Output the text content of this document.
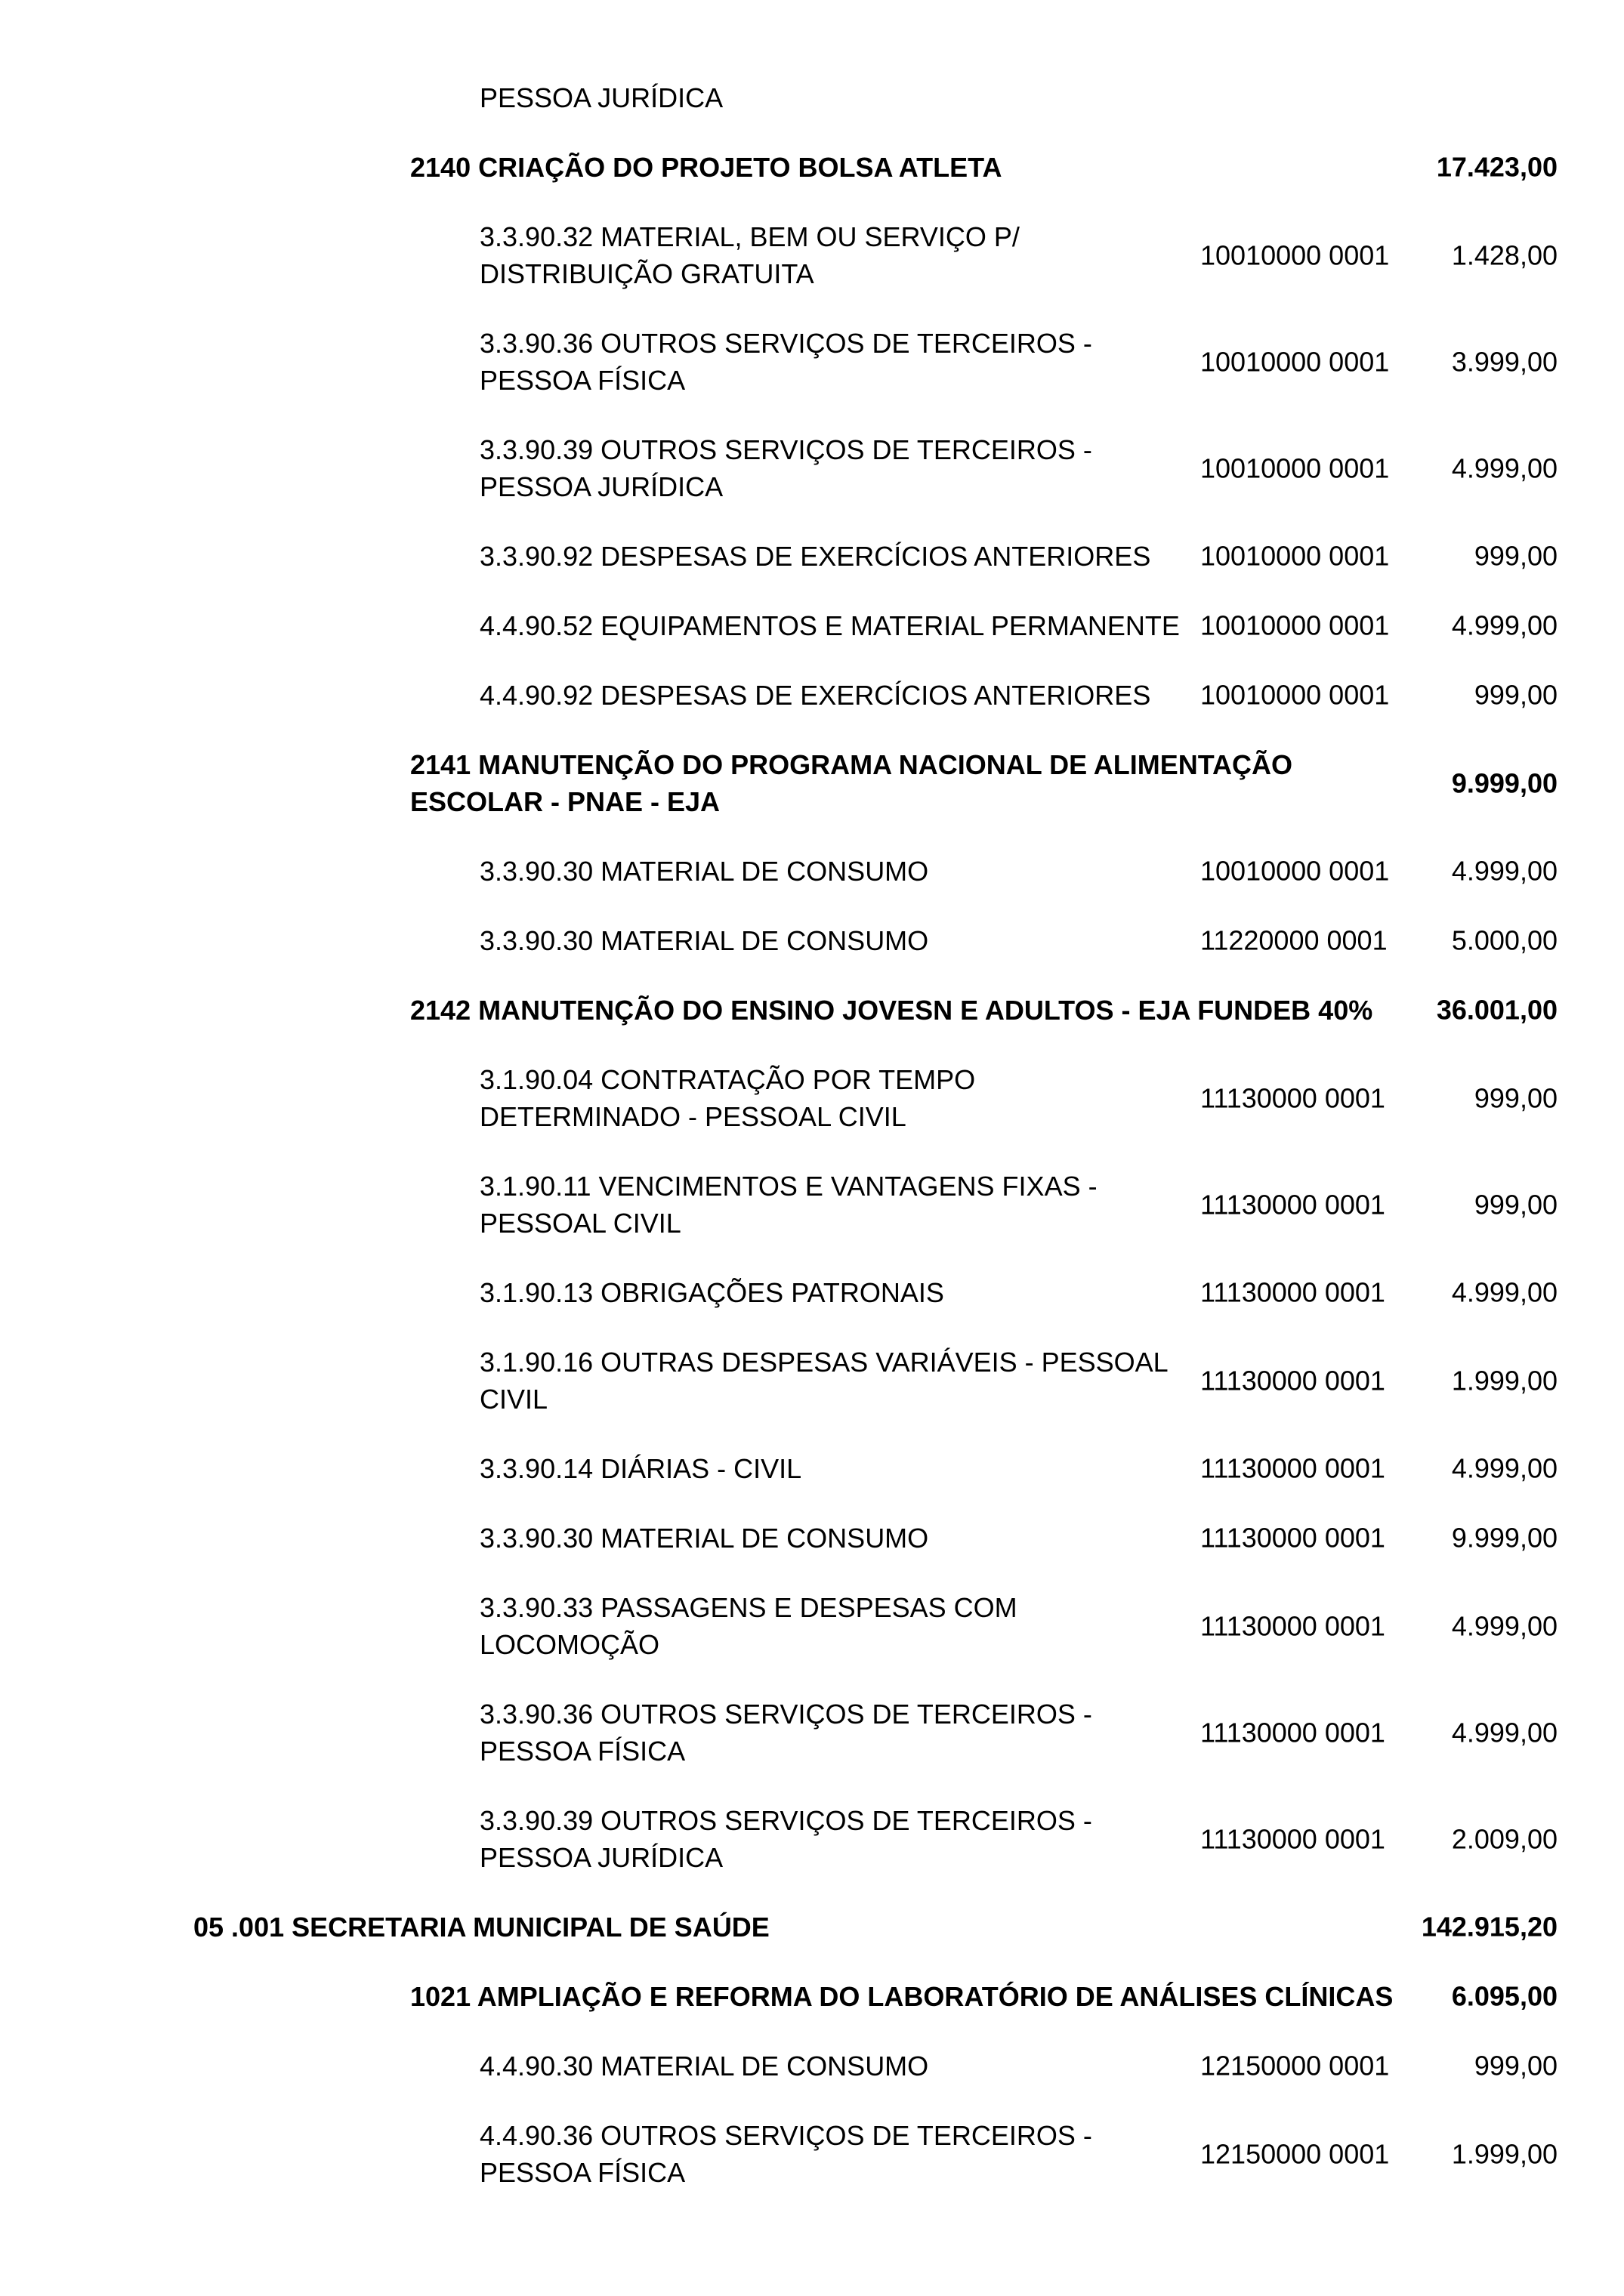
PESSOA JURÍDICA
2140 CRIAÇÃO DO PROJETO BOLSA ATLETA	17.423,00
3.3.90.32 MATERIAL, BEM OU SERVIÇO P/
DISTRIBUIÇÃO GRATUITA
10010000 0001 1.428,00
3.3.90.36 OUTROS SERVIÇOS DE TERCEIROS -
PESSOA FÍSICA
10010000 0001 3.999,00
3.3.90.39 OUTROS SERVIÇOS DE TERCEIROS -
PESSOA JURÍDICA
10010000 0001 4.999,00
3.3.90.92 DESPESAS DE EXERCÍCIOS ANTERIORES	10010000 0001	999,00
4.4.90.52 EQUIPAMENTOS E MATERIAL PERMANENTE 10010000 0001 4.999,00
4.4.90.92 DESPESAS DE EXERCÍCIOS ANTERIORES	10010000 0001	999,00
2141 MANUTENÇÃO DO PROGRAMA NACIONAL DE ALIMENTAÇÃO
ESCOLAR - PNAE - EJA
9.999,00
3.3.90.30 MATERIAL DE CONSUMO	10010000 0001 4.999,00
3.3.90.30 MATERIAL DE CONSUMO	11220000 0001 5.000,00
2142 MANUTENÇÃO DO ENSINO JOVESN E ADULTOS - EJA FUNDEB 40%	36.001,00
3.1.90.04 CONTRATAÇÃO POR TEMPO
DETERMINADO - PESSOAL CIVIL
11130000 0001	999,00
3.1.90.11 VENCIMENTOS E VANTAGENS FIXAS -
PESSOAL CIVIL
11130000 0001	999,00
3.1.90.13 OBRIGAÇÕES PATRONAIS	11130000 0001 4.999,00
3.1.90.16 OUTRAS DESPESAS VARIÁVEIS - PESSOAL
CIVIL
11130000 0001 1.999,00
3.3.90.14 DIÁRIAS - CIVIL	11130000 0001 4.999,00
3.3.90.30 MATERIAL DE CONSUMO	11130000 0001 9.999,00
3.3.90.33 PASSAGENS E DESPESAS COM
LOCOMOÇÃO
11130000 0001 4.999,00
3.3.90.36 OUTROS SERVIÇOS DE TERCEIROS -
PESSOA FÍSICA
11130000 0001 4.999,00
3.3.90.39 OUTROS SERVIÇOS DE TERCEIROS -
PESSOA JURÍDICA
11130000 0001 2.009,00
05 .001 SECRETARIA MUNICIPAL DE SAÚDE	142.915,20
1021 AMPLIAÇÃO E REFORMA DO LABORATÓRIO DE ANÁLISES CLÍNICAS	6.095,00
4.4.90.30 MATERIAL DE CONSUMO	12150000 0001	999,00
4.4.90.36 OUTROS SERVIÇOS DE TERCEIROS -
PESSOA FÍSICA
12150000 0001 1.999,00
